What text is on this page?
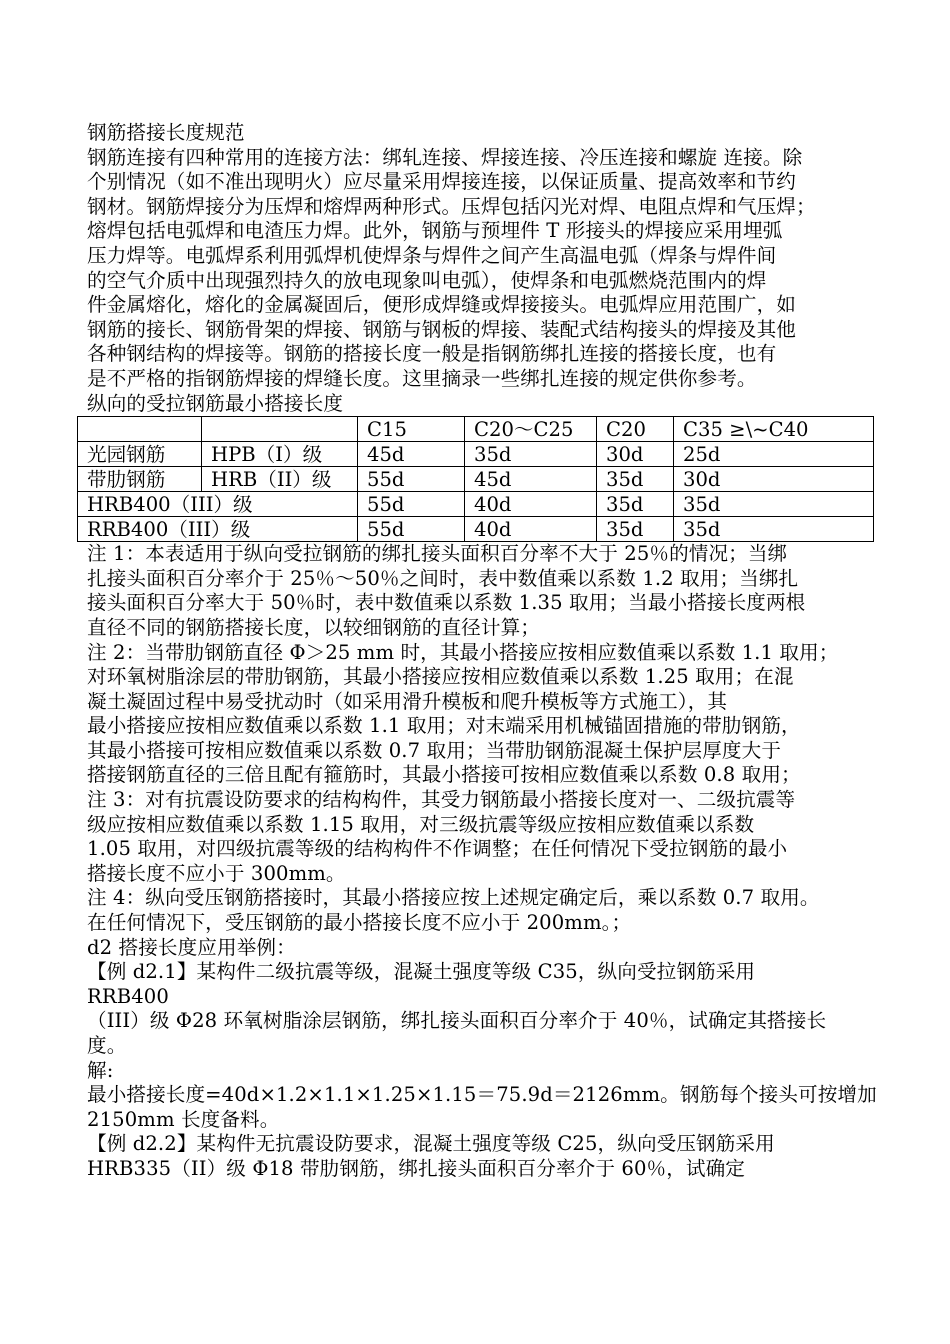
钢筋搭接长度规范
钢筋连接有四种常用的连接方法：绑轧连接、焊接连接、冷压连接和螺旋 连接。除
个别情况（如不准出现明火）应尽量采用焊接连接，以保证质量、提高效率和节约
钢材。钢筋焊接分为压焊和熔焊两种形式。压焊包括闪光对焊、电阻点焊和气压焊；
熔焊包括电弧焊和电渣压力焊。此外，钢筋与预埋件 T 形接头的焊接应采用埋弧
压力焊等。电弧焊系利用弧焊机使焊条与焊件之间产生高温电弧（焊条与焊件间
的空气介质中出现强烈持久的放电现象叫电弧），使焊条和电弧燃烧范围内的焊
件金属熔化，熔化的金属凝固后，便形成焊缝或焊接接头。电弧焊应用范围广，如
钢筋的接长、钢筋骨架的焊接、钢筋与钢板的焊接、装配式结构接头的焊接及其他
各种钢结构的焊接等。钢筋的搭接长度一般是指钢筋绑扎连接的搭接长度，也有
是不严格的指钢筋焊接的焊缝长度。这里摘录一些绑扎连接的规定供你参考。
纵向的受拉钢筋最小搭接长度
		C15	C20～C25	C20	C35 ≥\~C40
光园钢筋	HPB（I）级	45d	35d	30d	25d
带肋钢筋	HRB（II）级	55d	45d	35d	30d
HRB400（III）级		55d	40d	35d	35d
RRB400（III）级		55d	40d	35d	35d
注 1：本表适用于纵向受拉钢筋的绑扎接头面积百分率不大于 25％的情况；当绑
扎接头面积百分率介于 25％～50％之间时，表中数值乘以系数 1.2 取用；当绑扎
接头面积百分率大于 50％时，表中数值乘以系数 1.35 取用；当最小搭接长度两根
直径不同的钢筋搭接长度，以较细钢筋的直径计算；
注 2：当带肋钢筋直径 Φ＞25 mm 时，其最小搭接应按相应数值乘以系数 1.1 取用；
对环氧树脂涂层的带肋钢筋，其最小搭接应按相应数值乘以系数 1.25 取用；在混
凝土凝固过程中易受扰动时（如采用滑升模板和爬升模板等方式施工），其
最小搭接应按相应数值乘以系数 1.1 取用；对末端采用机械锚固措施的带肋钢筋，
其最小搭接可按相应数值乘以系数 0.7 取用；当带肋钢筋混凝土保护层厚度大于
搭接钢筋直径的三倍且配有箍筋时，其最小搭接可按相应数值乘以系数 0.8 取用；
注 3：对有抗震设防要求的结构构件，其受力钢筋最小搭接长度对一、二级抗震等
级应按相应数值乘以系数 1.15 取用，对三级抗震等级应按相应数值乘以系数
1.05 取用，对四级抗震等级的结构构件不作调整；在任何情况下受拉钢筋的最小
搭接长度不应小于 300mm。
注 4：纵向受压钢筋搭接时，其最小搭接应按上述规定确定后，乘以系数 0.7 取用。
在任何情况下，受压钢筋的最小搭接长度不应小于 200mm。；
d2 搭接长度应用举例：
【例 d2.1】某构件二级抗震等级，混凝土强度等级 C35，纵向受拉钢筋采用
RRB400
（III）级 Φ28 环氧树脂涂层钢筋，绑扎接头面积百分率介于 40％，试确定其搭接长
度。
解:
最小搭接长度=40d×1.2×1.1×1.25×1.15＝75.9d＝2126mm。钢筋每个接头可按增加
2150mm 长度备料。
【例 d2.2】某构件无抗震设防要求，混凝土强度等级 C25，纵向受压钢筋采用
HRB335（II）级 Φ18 带肋钢筋，绑扎接头面积百分率介于 60％，试确定
